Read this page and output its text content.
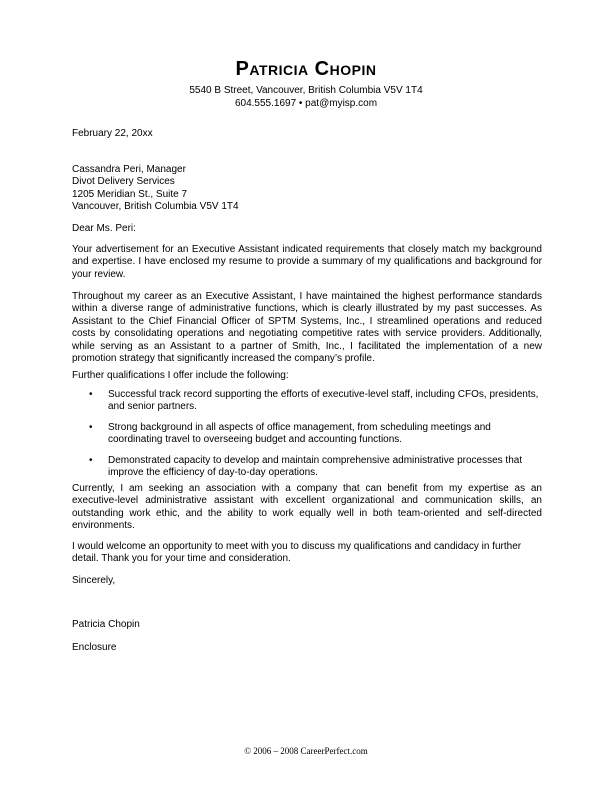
Patricia Chopin
5540 B Street, Vancouver, British Columbia V5V 1T4
604.555.1697 • pat@myisp.com
February 22, 20xx
Cassandra Peri, Manager
Divot Delivery Services
1205 Meridian St., Suite 7
Vancouver, British Columbia V5V 1T4
Dear Ms. Peri:
Your advertisement for an Executive Assistant indicated requirements that closely match my background and expertise. I have enclosed my resume to provide a summary of my qualifications and background for your review.
Throughout my career as an Executive Assistant, I have maintained the highest performance standards within a diverse range of administrative functions, which is clearly illustrated by my past successes. As Assistant to the Chief Financial Officer of SPTM Systems, Inc., I streamlined operations and reduced costs by consolidating operations and negotiating competitive rates with service providers. Additionally, while serving as an Assistant to a partner of Smith, Inc., I facilitated the implementation of a new promotion strategy that significantly increased the company’s profile.
Further qualifications I offer include the following:
• Successful track record supporting the efforts of executive-level staff, including CFOs, presidents, and senior partners.
• Strong background in all aspects of office management, from scheduling meetings and coordinating travel to overseeing budget and accounting functions.
• Demonstrated capacity to develop and maintain comprehensive administrative processes that improve the efficiency of day-to-day operations.
Currently, I am seeking an association with a company that can benefit from my expertise as an executive-level administrative assistant with excellent organizational and communication skills, an outstanding work ethic, and the ability to work equally well in both team-oriented and self-directed environments.
I would welcome an opportunity to meet with you to discuss my qualifications and candidacy in further detail. Thank you for your time and consideration.
Sincerely,
Patricia Chopin
Enclosure
© 2006 – 2008 CareerPerfect.com
